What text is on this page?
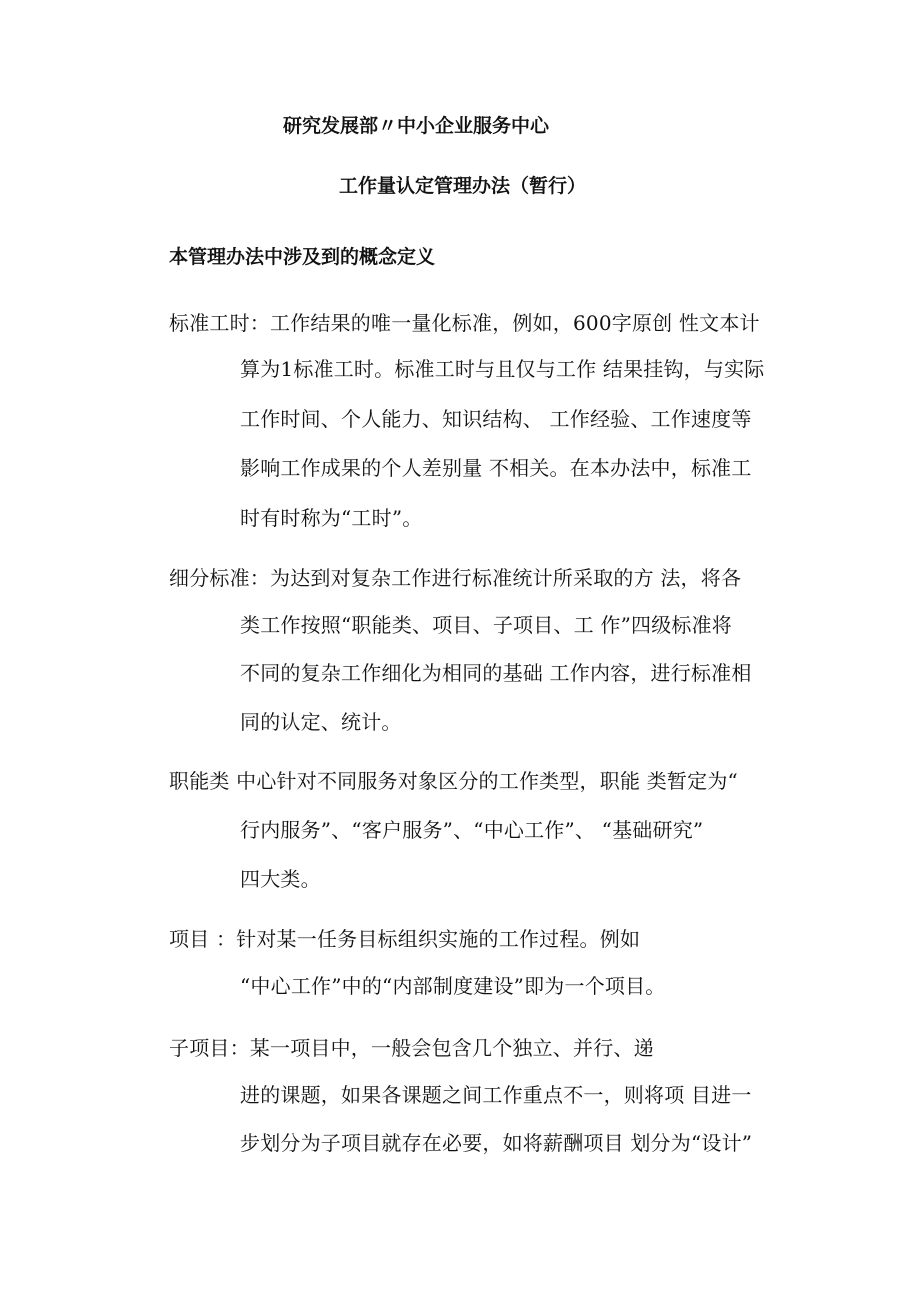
研究发展部〃中小企业服务中心
工作量认定管理办法（暂行）
本管理办法中涉及到的概念定义
标准工时：工作结果的唯一量化标准，例如，600字原创 性文本计
算为1标准工时。标准工时与且仅与工作 结果挂钩，与实际
工作时间、个人能力、知识结构、 工作经验、工作速度等
影响工作成果的个人差别量 不相关。在本办法中，标准工
时有时称为“工时”。
细分标准：为达到对复杂工作进行标准统计所采取的方 法，将各
类工作按照“职能类、项目、子项目、工 作”四级标准将
不同的复杂工作细化为相同的基础 工作内容，进行标准相
同的认定、统计。
职能类 中心针对不同服务对象区分的工作类型，职能 类暂定为“
行内服务”、“客户服务”、“中心工作”、 “基础研究”
四大类。
项目 ：针对某一任务目标组织实施的工作过程。例如
“中心工作”中的“内部制度建设”即为一个项目。
子项目：某一项目中，一般会包含几个独立、并行、递
进的课题，如果各课题之间工作重点不一，则将项 目进一
步划分为子项目就存在必要，如将薪酬项目 划分为“设计”
